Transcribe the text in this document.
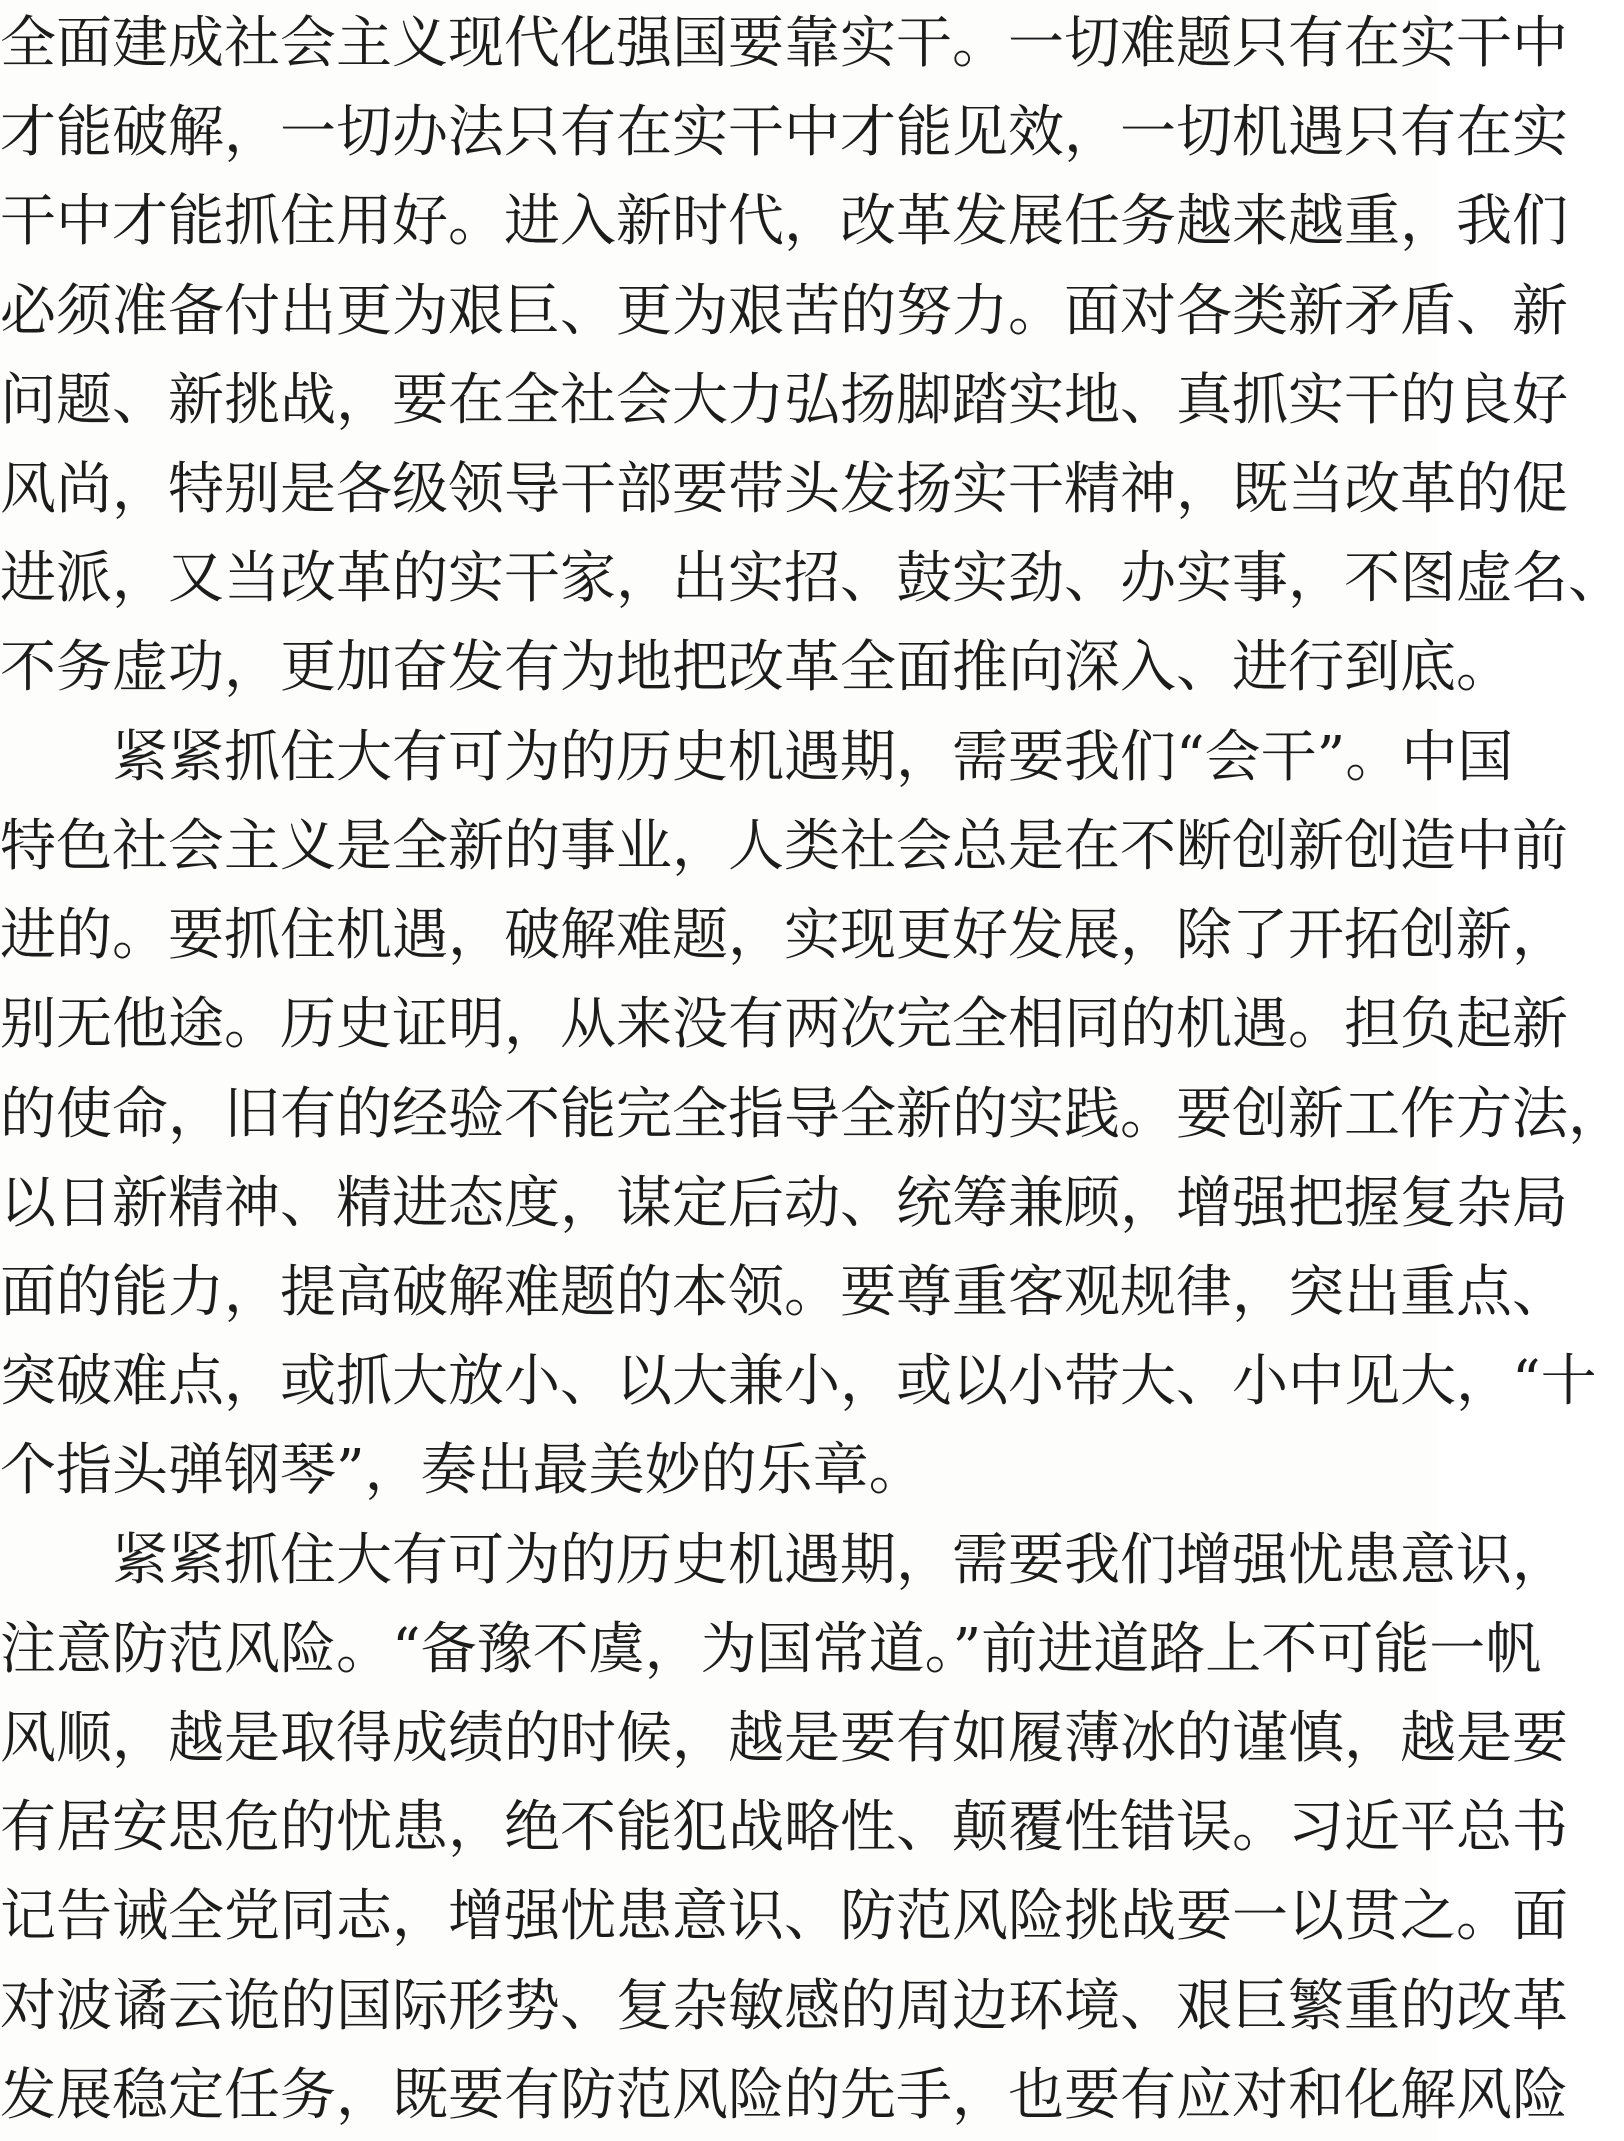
全面建成社会主义现代化强国要靠实干。一切难题只有在实干中
才能破解，一切办法只有在实干中才能见效，一切机遇只有在实
干中才能抓住用好。进入新时代，改革发展任务越来越重，我们
必须准备付出更为艰巨、更为艰苦的努力。面对各类新矛盾、新
问题、新挑战，要在全社会大力弘扬脚踏实地、真抓实干的良好
风尚，特别是各级领导干部要带头发扬实干精神，既当改革的促
进派，又当改革的实干家，出实招、鼓实劲、办实事，不图虚名、
不务虚功，更加奋发有为地把改革全面推向深入、进行到底。
　　紧紧抓住大有可为的历史机遇期，需要我们“会干”。中国
特色社会主义是全新的事业，人类社会总是在不断创新创造中前
进的。要抓住机遇，破解难题，实现更好发展，除了开拓创新，
别无他途。历史证明，从来没有两次完全相同的机遇。担负起新
的使命，旧有的经验不能完全指导全新的实践。要创新工作方法，
以日新精神、精进态度，谋定后动、统筹兼顾，增强把握复杂局
面的能力，提高破解难题的本领。要尊重客观规律，突出重点、
突破难点，或抓大放小、以大兼小，或以小带大、小中见大，“十
个指头弹钢琴”，奏出最美妙的乐章。
　　紧紧抓住大有可为的历史机遇期，需要我们增强忧患意识，
注意防范风险。“备豫不虞，为国常道。”前进道路上不可能一帆
风顺，越是取得成绩的时候，越是要有如履薄冰的谨慎，越是要
有居安思危的忧患，绝不能犯战略性、颠覆性错误。习近平总书
记告诫全党同志，增强忧患意识、防范风险挑战要一以贯之。面
对波谲云诡的国际形势、复杂敏感的周边环境、艰巨繁重的改革
发展稳定任务，既要有防范风险的先手，也要有应对和化解风险
